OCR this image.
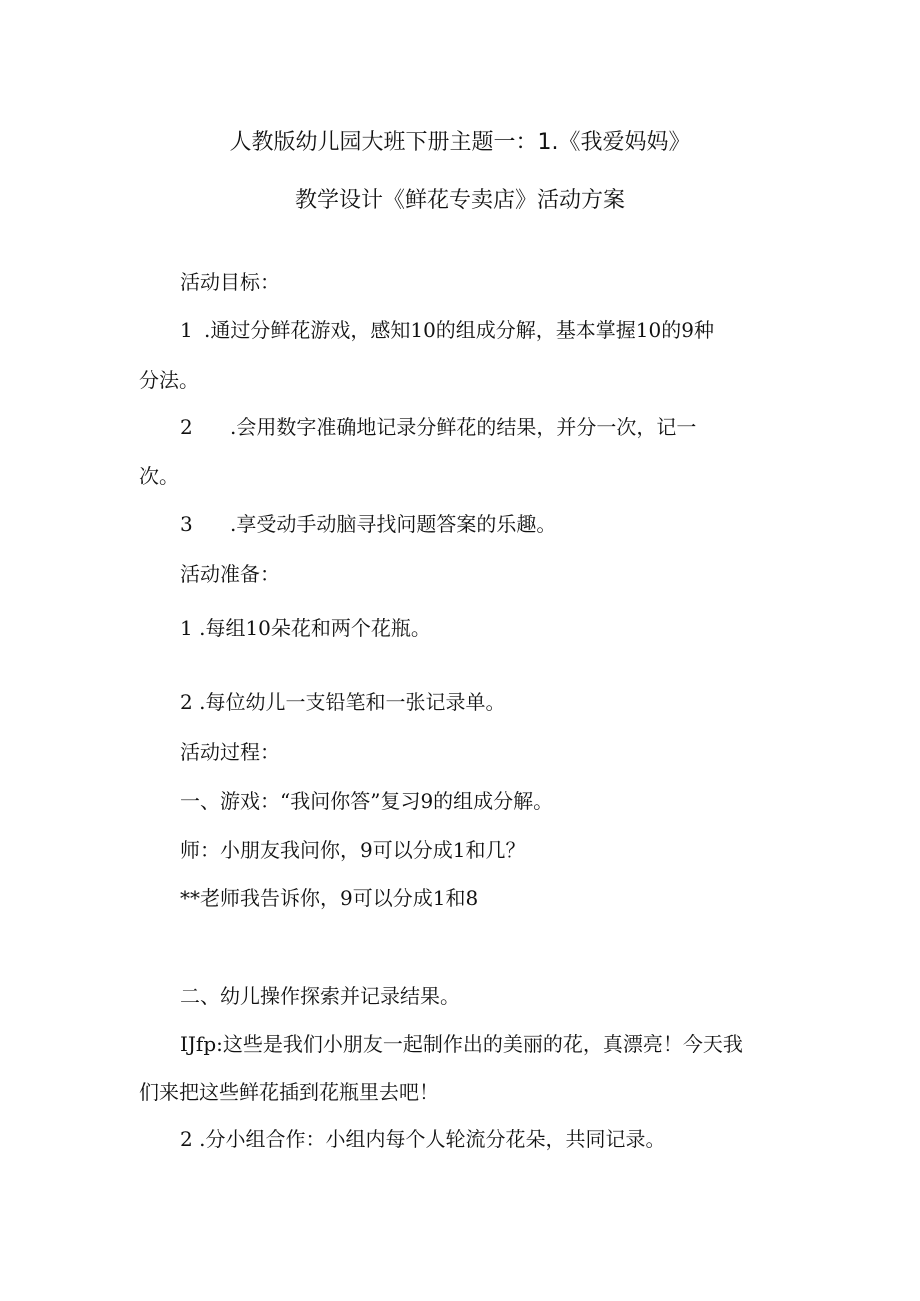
人教版幼儿园大班下册主题一：1.《我爱妈妈》
教学设计《鲜花专卖店》活动方案
活动目标：
1 .通过分鲜花游戏，感知10的组成分解，基本掌握10的9种
分法。
2 .会用数字准确地记录分鲜花的结果，并分一次，记一
次。
3 .享受动手动脑寻找问题答案的乐趣。
活动准备：
1 .每组10朵花和两个花瓶。
2 .每位幼儿一支铅笔和一张记录单。
活动过程：
一、游戏：“我问你答”复习9的组成分解。
师：小朋友我问你，9可以分成1和几？
**老师我告诉你，9可以分成1和8
二、幼儿操作探索并记录结果。
IJfp:这些是我们小朋友一起制作出的美丽的花，真漂亮！今天我
们来把这些鲜花插到花瓶里去吧！
2 .分小组合作：小组内每个人轮流分花朵，共同记录。
